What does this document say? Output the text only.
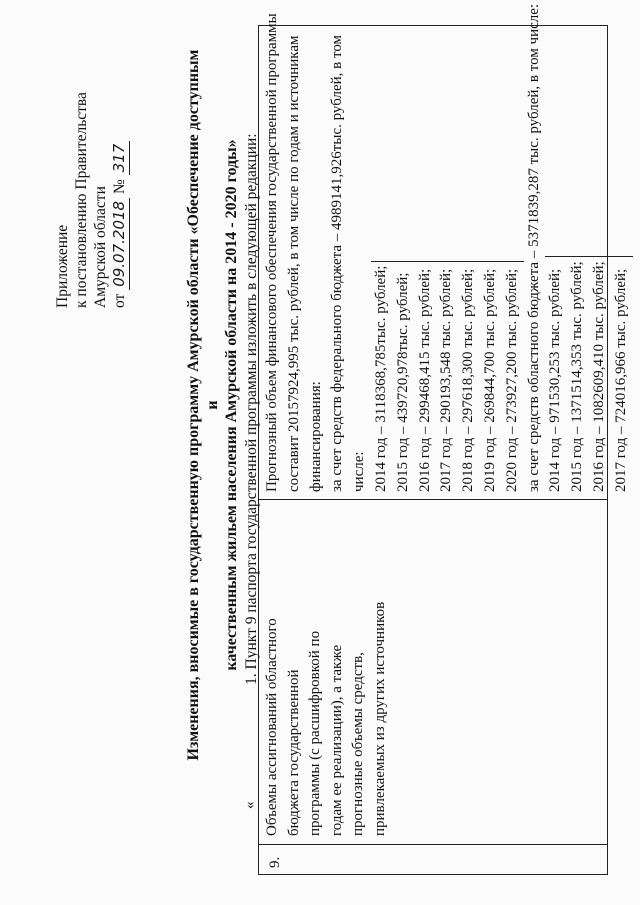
Приложение к постановлению Правительства Амурской области от 09.07.2018 № 317	Изменения, вносимые в государственную программу Амурской области «Обеспечение доступным и качественным жильем населения Амурской области на 2014 - 2020 годы» 1. Пункт 9 паспорта государственной программы изложить в следующей редакции:
«
9.
Объемы ассигнований областного бюджета государственной программы (с расшифровкой по годам ее реализации), а также прогнозные объемы средств, привлекаемых из других источников
Прогнозный объем финансового обеспечения государственной программы составит 20157924,995 тыс. рублей, в том числе по годам и источникам финансирования: за счет средств федерального бюджета – 4989141,926тыс. рублей, в том числе: 2014 год – 3118368,785тыс. рублей; 2015 год – 439720,978тыс. рублей; 2016 год – 299468,415 тыс. рублей; 2017 год – 290193,548 тыс. рублей; 2018 год – 297618,300 тыс. рублей; 2019 год – 269844,700 тыс. рублей; 2020 год – 273927,200 тыс. рублей; за счет средств областного бюджета – 5371839,287 тыс. рублей, в том числе: 2014 год – 971530,253 тыс. рублей; 2015 год – 1371514,353 тыс. рублей; 2016 год – 1082609,410 тыс. рублей; 2017 год – 724016,966 тыс. рублей;
